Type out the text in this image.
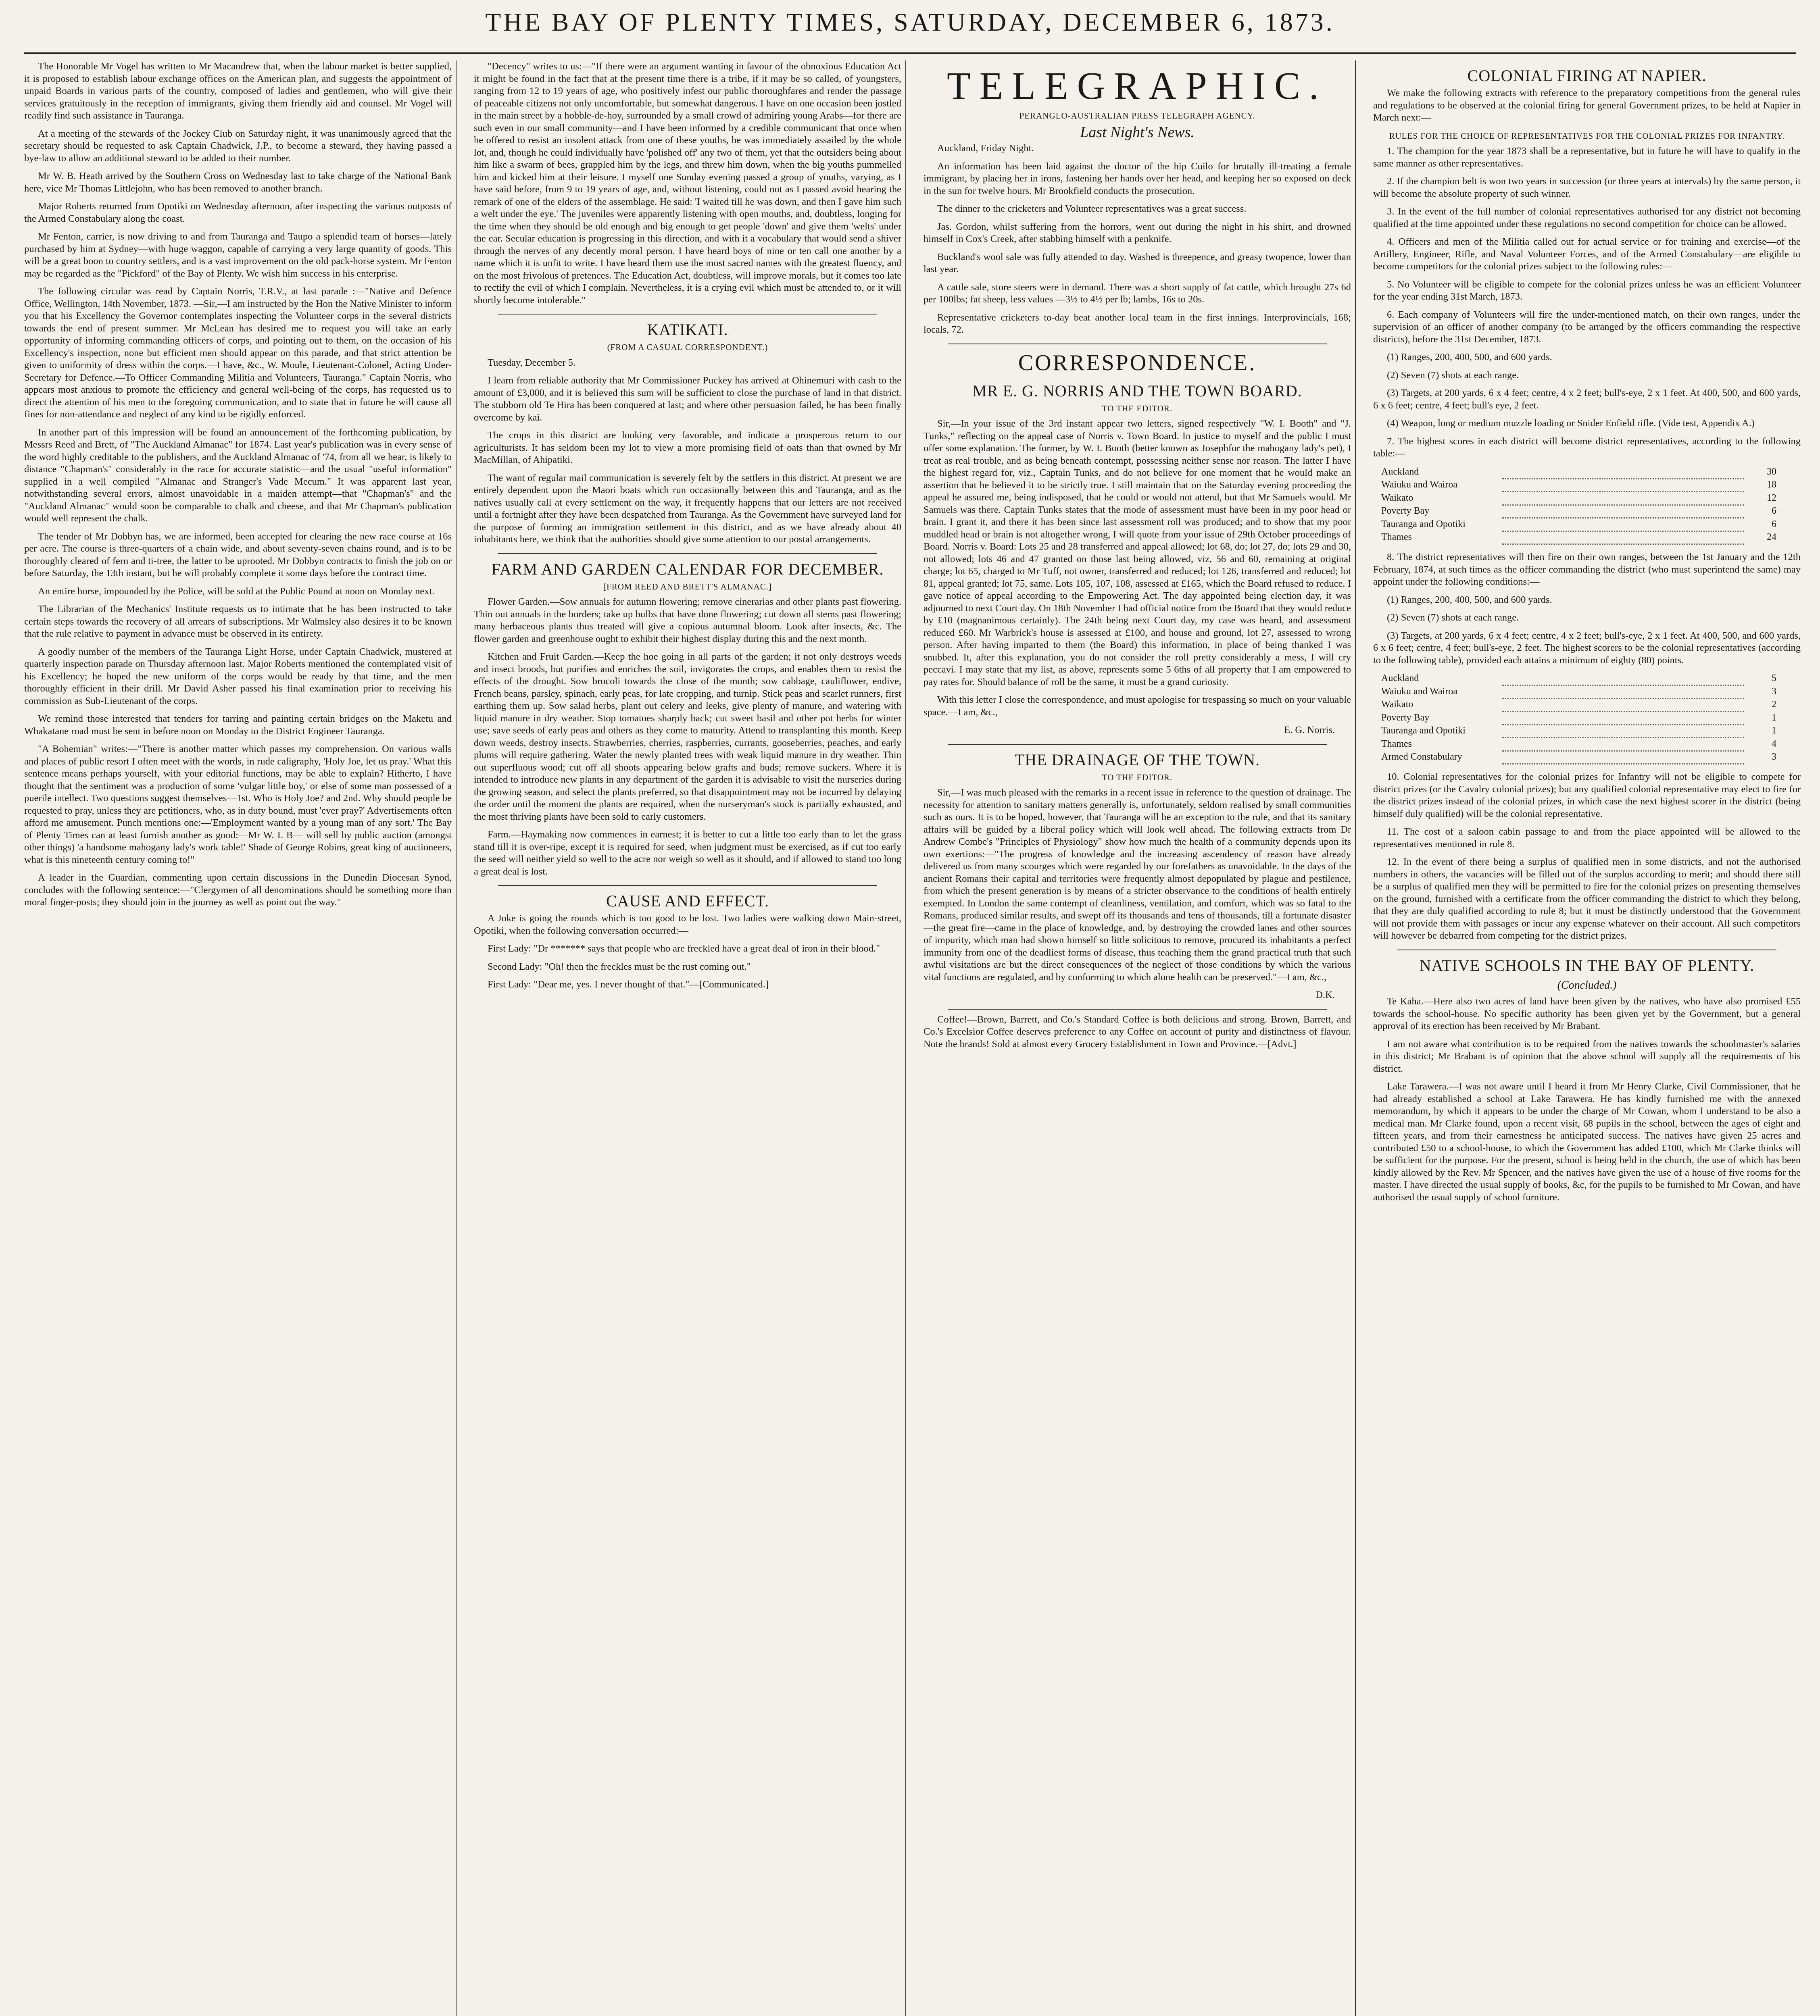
THE BAY OF PLENTY TIMES, SATURDAY, DECEMBER 6, 1873.

The Honorable Mr Vogel has written to Mr Macandrew that, when the labour market is better supplied, it is proposed to establish labour exchange offices on the American plan, and suggests the appointment of unpaid Boards in various parts of the country, composed of ladies and gentlemen, who will give their services gratuitously in the reception of immigrants, giving them friendly aid and counsel. Mr Vogel will readily find such assistance in Tauranga.

At a meeting of the stewards of the Jockey Club on Saturday night, it was unanimously agreed that the secretary should be requested to ask Captain Chadwick, J.P., to become a steward, they having passed a bye-law to allow an additional steward to be added to their number.

Mr W. B. Heath arrived by the Southern Cross on Wednesday last to take charge of the National Bank here, vice Mr Thomas Littlejohn, who has been removed to another branch.

Major Roberts returned from Opotiki on Wednesday afternoon, after inspecting the various outposts of the Armed Constabulary along the coast.

Mr Fenton, carrier, is now driving to and from Tauranga and Taupo a splendid team of horses—lately purchased by him at Sydney—with huge waggon, capable of carrying a very large quantity of goods. This will be a great boon to country settlers, and is a vast improvement on the old pack-horse system. Mr Fenton may be regarded as the "Pickford" of the Bay of Plenty. We wish him success in his enterprise.

The following circular was read by Captain Norris, T.R.V., at last parade :—"Native and Defence Office, Wellington, 14th November, 1873. —Sir,—I am instructed by the Hon the Native Minister to inform you that his Excellency the Governor contemplates inspecting the Volunteer corps in the several districts towards the end of present summer. Mr McLean has desired me to request you will take an early opportunity of informing commanding officers of corps, and pointing out to them, on the occasion of his Excellency's inspection, none but efficient men should appear on this parade, and that strict attention be given to uniformity of dress within the corps.—I have, &c., W. Moule, Lieutenant-Colonel, Acting Under-Secretary for Defence.—To Officer Commanding Militia and Volunteers, Tauranga." Captain Norris, who appears most anxious to promote the efficiency and general well-being of the corps, has requested us to direct the attention of his men to the foregoing communication, and to state that in future he will cause all fines for non-attendance and neglect of any kind to be rigidly enforced.

In another part of this impression will be found an announcement of the forthcoming publication, by Messrs Reed and Brett, of "The Auckland Almanac" for 1874. Last year's publication was in every sense of the word highly creditable to the publishers, and the Auckland Almanac of '74, from all we hear, is likely to distance "Chapman's" considerably in the race for accurate statistic—and the usual "useful information" supplied in a well compiled "Almanac and Stranger's Vade Mecum." It was apparent last year, notwithstanding several errors, almost unavoidable in a maiden attempt—that "Chapman's" and the "Auckland Almanac" would soon be comparable to chalk and cheese, and that Mr Chapman's publication would well represent the chalk.

The tender of Mr Dobbyn has, we are informed, been accepted for clearing the new race course at 16s per acre. The course is three-quarters of a chain wide, and about seventy-seven chains round, and is to be thoroughly cleared of fern and ti-tree, the latter to be uprooted. Mr Dobbyn contracts to finish the job on or before Saturday, the 13th instant, but he will probably complete it some days before the contract time.

An entire horse, impounded by the Police, will be sold at the Public Pound at noon on Monday next.

The Librarian of the Mechanics' Institute requests us to intimate that he has been instructed to take certain steps towards the recovery of all arrears of subscriptions. Mr Walmsley also desires it to be known that the rule relative to payment in advance must be observed in its entirety.

A goodly number of the members of the Tauranga Light Horse, under Captain Chadwick, mustered at quarterly inspection parade on Thursday afternoon last. Major Roberts mentioned the contemplated visit of his Excellency; he hoped the new uniform of the corps would be ready by that time, and the men thoroughly efficient in their drill. Mr David Asher passed his final examination prior to receiving his commission as Sub-Lieutenant of the corps.

We remind those interested that tenders for tarring and painting certain bridges on the Maketu and Whakatane road must be sent in before noon on Monday to the District Engineer Tauranga.

"A Bohemian" writes:—"There is another matter which passes my comprehension. On various walls and places of public resort I often meet with the words, in rude caligraphy, 'Holy Joe, let us pray.' What this sentence means perhaps yourself, with your editorial functions, may be able to explain? Hitherto, I have thought that the sentiment was a production of some 'vulgar little boy,' or else of some man possessed of a puerile intellect. Two questions suggest themselves—1st. Who is Holy Joe? and 2nd. Why should people be requested to pray, unless they are petitioners, who, as in duty bound, must 'ever pray?' Advertisements often afford me amusement. Punch mentions one:—'Employment wanted by a young man of any sort.' The Bay of Plenty Times can at least furnish another as good:—Mr W. I. B— will sell by public auction (amongst other things) 'a handsome mahogany lady's work table!' Shade of George Robins, great king of auctioneers, what is this nineteenth century coming to!"

A leader in the Guardian, commenting upon certain discussions in the Dunedin Diocesan Synod, concludes with the following sentence:—"Clergymen of all denominations should be something more than moral finger-posts; they should join in the journey as well as point out the way."

"Decency" writes to us:—"If there were an argument wanting in favour of the obnoxious Education Act it might be found in the fact that at the present time there is a tribe, if it may be so called, of youngsters, ranging from 12 to 19 years of age, who positively infest our public thoroughfares and render the passage of peaceable citizens not only uncomfortable, but somewhat dangerous. I have on one occasion been jostled in the main street by a hobble-de-hoy, surrounded by a small crowd of admiring young Arabs—for there are such even in our small community—and I have been informed by a credible communicant that once when he offered to resist an insolent attack from one of these youths, he was immediately assailed by the whole lot, and, though he could individually have 'polished off' any two of them, yet that the outsiders being about him like a swarm of bees, grappled him by the legs, and threw him down, when the big youths pummelled him and kicked him at their leisure. I myself one Sunday evening passed a group of youths, varying, as I have said before, from 9 to 19 years of age, and, without listening, could not as I passed avoid hearing the remark of one of the elders of the assemblage. He said: 'I waited till he was down, and then I gave him such a welt under the eye.' The juveniles were apparently listening with open mouths, and, doubtless, longing for the time when they should be old enough and big enough to get people 'down' and give them 'welts' under the ear. Secular education is progressing in this direction, and with it a vocabulary that would send a shiver through the nerves of any decently moral person. I have heard boys of nine or ten call one another by a name which it is unfit to write. I have heard them use the most sacred names with the greatest fluency, and on the most frivolous of pretences. The Education Act, doubtless, will improve morals, but it comes too late to rectify the evil of which I complain. Nevertheless, it is a crying evil which must be attended to, or it will shortly become intolerable."

KATIKATI.
(FROM A CASUAL CORRESPONDENT.)

Tuesday, December 5.

I learn from reliable authority that Mr Commissioner Puckey has arrived at Ohinemuri with cash to the amount of £3,000, and it is believed this sum will be sufficient to close the purchase of land in that district. The stubborn old Te Hira has been conquered at last; and where other persuasion failed, he has been finally overcome by kai.

The crops in this district are looking very favorable, and indicate a prosperous return to our agriculturists. It has seldom been my lot to view a more promising field of oats than that owned by Mr MacMillan, of Ahipatiki.

The want of regular mail communication is severely felt by the settlers in this district. At present we are entirely dependent upon the Maori boats which run occasionally between this and Tauranga, and as the natives usually call at every settlement on the way, it frequently happens that our letters are not received until a fortnight after they have been despatched from Tauranga. As the Government have surveyed land for the purpose of forming an immigration settlement in this district, and as we have already about 40 inhabitants here, we think that the authorities should give some attention to our postal arrangements.

FARM AND GARDEN CALENDAR FOR DECEMBER.
[FROM REED AND BRETT'S ALMANAC.]

Flower Garden.—Sow annuals for autumn flowering; remove cinerarias and other plants past flowering. Thin out annuals in the borders; take up bulbs that have done flowering; cut down all stems past flowering; many herbaceous plants thus treated will give a copious autumnal bloom. Look after insects, &c. The flower garden and greenhouse ought to exhibit their highest display during this and the next month.

Kitchen and Fruit Garden.—Keep the hoe going in all parts of the garden; it not only destroys weeds and insect broods, but purifies and enriches the soil, invigorates the crops, and enables them to resist the effects of the drought. Sow brocoli towards the close of the month; sow cabbage, cauliflower, endive, French beans, parsley, spinach, early peas, for late cropping, and turnip. Stick peas and scarlet runners, first earthing them up. Sow salad herbs, plant out celery and leeks, give plenty of manure, and watering with liquid manure in dry weather. Stop tomatoes sharply back; cut sweet basil and other pot herbs for winter use; save seeds of early peas and others as they come to maturity. Attend to transplanting this month. Keep down weeds, destroy insects. Strawberries, cherries, raspberries, currants, gooseberries, peaches, and early plums will require gathering. Water the newly planted trees with weak liquid manure in dry weather. Thin out superfluous wood; cut off all shoots appearing below grafts and buds; remove suckers. Where it is intended to introduce new plants in any department of the garden it is advisable to visit the nurseries during the growing season, and select the plants preferred, so that disappointment may not be incurred by delaying the order until the moment the plants are required, when the nurseryman's stock is partially exhausted, and the most thriving plants have been sold to early customers.

Farm.—Haymaking now commences in earnest; it is better to cut a little too early than to let the grass stand till it is over-ripe, except it is required for seed, when judgment must be exercised, as if cut too early the seed will neither yield so well to the acre nor weigh so well as it should, and if allowed to stand too long a great deal is lost.

CAUSE AND EFFECT.

A Joke is going the rounds which is too good to be lost. Two ladies were walking down Main-street, Opotiki, when the following conversation occurred:—

First Lady: "Dr ******* says that people who are freckled have a great deal of iron in their blood."

Second Lady: "Oh! then the freckles must be the rust coming out."

First Lady: "Dear me, yes. I never thought of that."—[Communicated.]

TELEGRAPHIC.
PERANGLO-AUSTRALIAN PRESS TELEGRAPH AGENCY.
Last Night's News.

Auckland, Friday Night.

An information has been laid against the doctor of the hip Cuilo for brutally ill-treating a female immigrant, by placing her in irons, fastening her hands over her head, and keeping her so exposed on deck in the sun for twelve hours. Mr Brookfield conducts the prosecution.

The dinner to the cricketers and Volunteer representatives was a great success.

Jas. Gordon, whilst suffering from the horrors, went out during the night in his shirt, and drowned himself in Cox's Creek, after stabbing himself with a penknife.

Buckland's wool sale was fully attended to day. Washed is threepence, and greasy twopence, lower than last year.

A cattle sale, store steers were in demand. There was a short supply of fat cattle, which brought 27s 6d per 100lbs; fat sheep, less values —3½ to 4½ per lb; lambs, 16s to 20s.

Representative cricketers to-day beat another local team in the first innings. Interprovincials, 168; locals, 72.

CORRESPONDENCE.
MR E. G. NORRIS AND THE TOWN BOARD.
TO THE EDITOR.

Sir,—In your issue of the 3rd instant appear two letters, signed respectively "W. I. Booth" and "J. Tunks," reflecting on the appeal case of Norris v. Town Board. In justice to myself and the public I must offer some explanation. The former, by W. I. Booth (better known as Josephfor the mahogany lady's pet), I treat as real trouble, and as being beneath contempt, possessing neither sense nor reason. The latter I have the highest regard for, viz., Captain Tunks, and do not believe for one moment that he would make an assertion that he believed it to be strictly true. I still maintain that on the Saturday evening proceeding the appeal he assured me, being indisposed, that he could or would not attend, but that Mr Samuels would. Mr Samuels was there. Captain Tunks states that the mode of assessment must have been in my poor head or brain. I grant it, and there it has been since last assessment roll was produced; and to show that my poor muddled head or brain is not altogether wrong, I will quote from your issue of 29th October proceedings of Board. Norris v. Board: Lots 25 and 28 transferred and appeal allowed; lot 68, do; lot 27, do; lots 29 and 30, not allowed; lots 46 and 47 granted on those last being allowed, viz, 56 and 60, remaining at original charge; lot 65, charged to Mr Tuff, not owner, transferred and reduced; lot 126, transferred and reduced; lot 81, appeal granted; lot 75, same. Lots 105, 107, 108, assessed at £165, which the Board refused to reduce. I gave notice of appeal according to the Empowering Act. The day appointed being election day, it was adjourned to next Court day. On 18th November I had official notice from the Board that they would reduce by £10 (magnanimous certainly). The 24th being next Court day, my case was heard, and assessment reduced £60. Mr Warbrick's house is assessed at £100, and house and ground, lot 27, assessed to wrong person. After having imparted to them (the Board) this information, in place of being thanked I was snubbed. It, after this explanation, you do not consider the roll pretty considerably a mess, I will cry peccavi. I may state that my list, as above, represents some 5 6ths of all property that I am empowered to pay rates for. Should balance of roll be the same, it must be a grand curiosity.

With this letter I close the correspondence, and must apologise for trespassing so much on your valuable space.—I am, &c.,

E. G. Norris.

THE DRAINAGE OF THE TOWN.
TO THE EDITOR.

Sir,—I was much pleased with the remarks in a recent issue in reference to the question of drainage. The necessity for attention to sanitary matters generally is, unfortunately, seldom realised by small communities such as ours. It is to be hoped, however, that Tauranga will be an exception to the rule, and that its sanitary affairs will be guided by a liberal policy which will look well ahead. The following extracts from Dr Andrew Combe's "Principles of Physiology" show how much the health of a community depends upon its own exertions:—"The progress of knowledge and the increasing ascendency of reason have already delivered us from many scourges which were regarded by our forefathers as unavoidable. In the days of the ancient Romans their capital and territories were frequently almost depopulated by plague and pestilence, from which the present generation is by means of a stricter observance to the conditions of health entirely exempted. In London the same contempt of cleanliness, ventilation, and comfort, which was so fatal to the Romans, produced similar results, and swept off its thousands and tens of thousands, till a fortunate disaster—the great fire—came in the place of knowledge, and, by destroying the crowded lanes and other sources of impurity, which man had shown himself so little solicitous to remove, procured its inhabitants a perfect immunity from one of the deadliest forms of disease, thus teaching them the grand practical truth that such awful visitations are but the direct consequences of the neglect of those conditions by which the various vital functions are regulated, and by conforming to which alone health can be preserved."—I am, &c.,

D.K.

Coffee!—Brown, Barrett, and Co.'s Standard Coffee is both delicious and strong. Brown, Barrett, and Co.'s Excelsior Coffee deserves preference to any Coffee on account of purity and distinctness of flavour. Note the brands! Sold at almost every Grocery Establishment in Town and Province.—[Advt.]

COLONIAL FIRING AT NAPIER.

We make the following extracts with reference to the preparatory competitions from the general rules and regulations to be observed at the colonial firing for general Government prizes, to be held at Napier in March next:—

RULES FOR THE CHOICE OF REPRESENTATIVES FOR THE COLONIAL PRIZES FOR INFANTRY.

1. The champion for the year 1873 shall be a representative, but in future he will have to qualify in the same manner as other representatives.

2. If the champion belt is won two years in succession (or three years at intervals) by the same person, it will become the absolute property of such winner.

3. In the event of the full number of colonial representatives authorised for any district not becoming qualified at the time appointed under these regulations no second competition for choice can be allowed.

4. Officers and men of the Militia called out for actual service or for training and exercise—of the Artillery, Engineer, Rifle, and Naval Volunteer Forces, and of the Armed Constabulary—are eligible to become competitors for the colonial prizes subject to the following rules:—

5. No Volunteer will be eligible to compete for the colonial prizes unless he was an efficient Volunteer for the year ending 31st March, 1873.

6. Each company of Volunteers will fire the under-mentioned match, on their own ranges, under the supervision of an officer of another company (to be arranged by the officers commanding the respective districts), before the 31st December, 1873.

(1) Ranges, 200, 400, 500, and 600 yards.

(2) Seven (7) shots at each range.

(3) Targets, at 200 yards, 6 x 4 feet; centre, 4 x 2 feet; bull's-eye, 2 x 1 feet. At 400, 500, and 600 yards, 6 x 6 feet; centre, 4 feet; bull's eye, 2 feet.

(4) Weapon, long or medium muzzle loading or Snider Enfield rifle. (Vide test, Appendix A.)

7. The highest scores in each district will become district representatives, according to the following table:—

Auckland		30
Waiuku and Wairoa		18
Waikato		12
Poverty Bay		6
Tauranga and Opotiki		6
Thames		24

8. The district representatives will then fire on their own ranges, between the 1st January and the 12th February, 1874, at such times as the officer commanding the district (who must superintend the same) may appoint under the following conditions:—

(1) Ranges, 200, 400, 500, and 600 yards.

(2) Seven (7) shots at each range.

(3) Targets, at 200 yards, 6 x 4 feet; centre, 4 x 2 feet; bull's-eye, 2 x 1 feet. At 400, 500, and 600 yards, 6 x 6 feet; centre, 4 feet; bull's-eye, 2 feet. The highest scorers to be the colonial representatives (according to the following table), provided each attains a minimum of eighty (80) points.

Auckland		5
Waiuku and Wairoa		3
Waikato		2
Poverty Bay		1
Tauranga and Opotiki		1
Thames		4
Armed Constabulary		3

10. Colonial representatives for the colonial prizes for Infantry will not be eligible to compete for district prizes (or the Cavalry colonial prizes); but any qualified colonial representative may elect to fire for the district prizes instead of the colonial prizes, in which case the next highest scorer in the district (being himself duly qualified) will be the colonial representative.

11. The cost of a saloon cabin passage to and from the place appointed will be allowed to the representatives mentioned in rule 8.

12. In the event of there being a surplus of qualified men in some districts, and not the authorised numbers in others, the vacancies will be filled out of the surplus according to merit; and should there still be a surplus of qualified men they will be permitted to fire for the colonial prizes on presenting themselves on the ground, furnished with a certificate from the officer commanding the district to which they belong, that they are duly qualified according to rule 8; but it must be distinctly understood that the Government will not provide them with passages or incur any expense whatever on their account. All such competitors will however be debarred from competing for the district prizes.

NATIVE SCHOOLS IN THE BAY OF PLENTY.
(Concluded.)

Te Kaha.—Here also two acres of land have been given by the natives, who have also promised £55 towards the school-house. No specific authority has been given yet by the Government, but a general approval of its erection has been received by Mr Brabant.

I am not aware what contribution is to be required from the natives towards the schoolmaster's salaries in this district; Mr Brabant is of opinion that the above school will supply all the requirements of his district.

Lake Tarawera.—I was not aware until I heard it from Mr Henry Clarke, Civil Commissioner, that he had already established a school at Lake Tarawera. He has kindly furnished me with the annexed memorandum, by which it appears to be under the charge of Mr Cowan, whom I understand to be also a medical man. Mr Clarke found, upon a recent visit, 68 pupils in the school, between the ages of eight and fifteen years, and from their earnestness he anticipated success. The natives have given 25 acres and contributed £50 to a school-house, to which the Government has added £100, which Mr Clarke thinks will be sufficient for the purpose. For the present, school is being held in the church, the use of which has been kindly allowed by the Rev. Mr Spencer, and the natives have given the use of a house of five rooms for the master. I have directed the usual supply of books, &c, for the pupils to be furnished to Mr Cowan, and have authorised the usual supply of school furniture.
